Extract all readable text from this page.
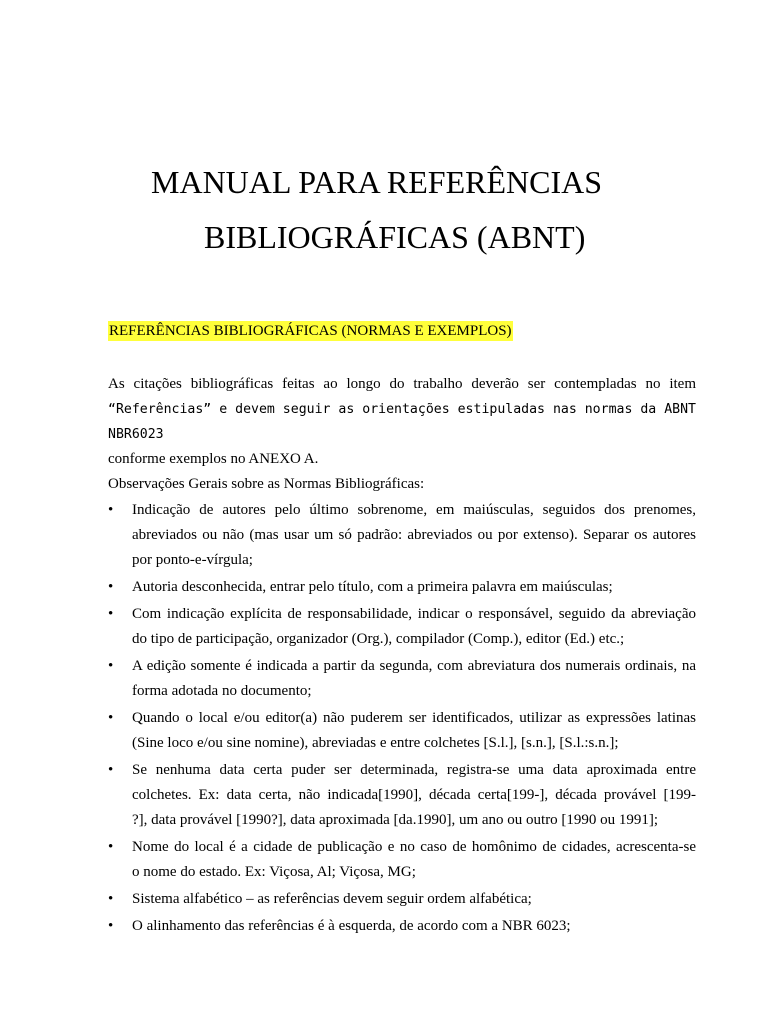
MANUAL PARA REFERÊNCIAS
BIBLIOGRÁFICAS (ABNT)
REFERÊNCIAS BIBLIOGRÁFICAS (NORMAS E EXEMPLOS)
As citações bibliográficas feitas ao longo do trabalho deverão ser contempladas no item
“Referências” e devem seguir as orientações estipuladas nas normas da ABNT NBR6023
conforme exemplos no ANEXO A.
Observações Gerais sobre as Normas Bibliográficas:
• Indicação de autores pelo último sobrenome, em maiúsculas, seguidos dos prenomes,
abreviados ou não (mas usar um só padrão: abreviados ou por extenso). Separar os autores
por ponto-e-vírgula;
• Autoria desconhecida, entrar pelo título, com a primeira palavra em maiúsculas;
• Com indicação explícita de responsabilidade, indicar o responsável, seguido da abreviação
do tipo de participação, organizador (Org.), compilador (Comp.), editor (Ed.) etc.;
• A edição somente é indicada a partir da segunda, com abreviatura dos numerais ordinais, na
forma adotada no documento;
• Quando o local e/ou editor(a) não puderem ser identificados, utilizar as expressões latinas
(Sine loco e/ou sine nomine), abreviadas e entre colchetes [S.l.], [s.n.], [S.l.:s.n.];
• Se nenhuma data certa puder ser determinada, registra-se uma data aproximada entre
colchetes. Ex: data certa, não indicada[1990], década certa[199-], década provável [199-
?], data provável [1990?], data aproximada [da.1990], um ano ou outro [1990 ou 1991];
• Nome do local é a cidade de publicação e no caso de homônimo de cidades, acrescenta-se
o nome do estado. Ex: Viçosa, Al; Viçosa, MG;
• Sistema alfabético – as referências devem seguir ordem alfabética;
• O alinhamento das referências é à esquerda, de acordo com a NBR 6023;
